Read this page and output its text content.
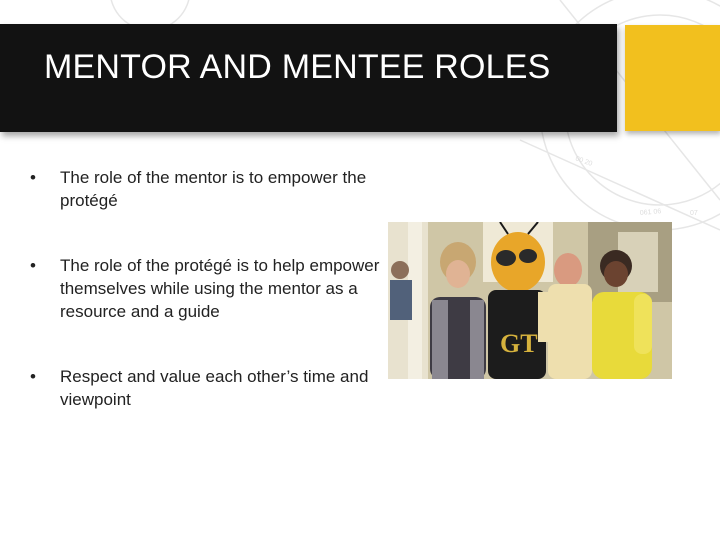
00 20
061 06	07
MENTOR AND MENTEE ROLES
• The role of the mentor is to empower the protégé
• The role of the protégé is to help empower themselves while using the mentor as a resource and a guide
• Respect and value each other’s time and viewpoint
GT
